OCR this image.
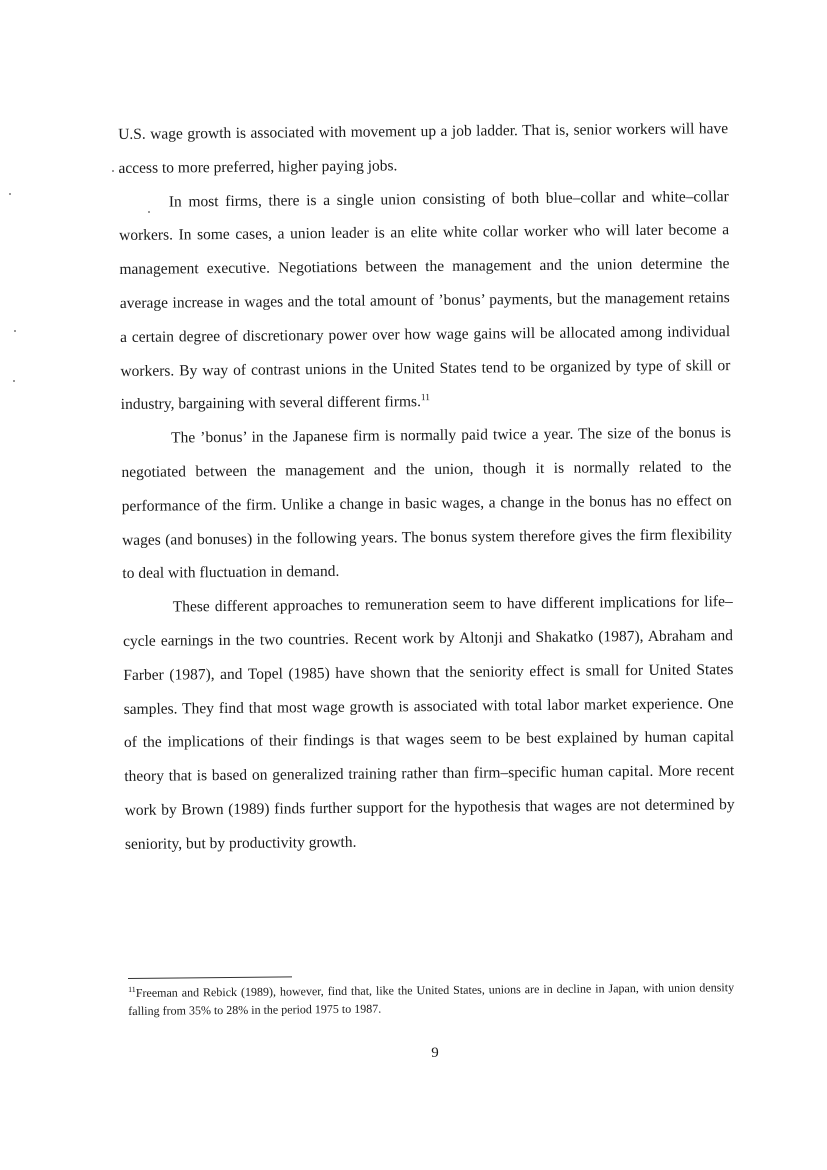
U.S. wage growth is associated with movement up a job ladder. That is, senior workers will have access to more preferred, higher paying jobs.

In most firms, there is a single union consisting of both blue–collar and white–collar workers. In some cases, a union leader is an elite white collar worker who will later become a management executive. Negotiations between the management and the union determine the average increase in wages and the total amount of ’bonus’ payments, but the management retains a certain degree of discretionary power over how wage gains will be allocated among individual workers. By way of contrast unions in the United States tend to be organized by type of skill or industry, bargaining with several different firms.$^{11}$

The ’bonus’ in the Japanese firm is normally paid twice a year. The size of the bonus is negotiated between the management and the union, though it is normally related to the performance of the firm. Unlike a change in basic wages, a change in the bonus has no effect on wages (and bonuses) in the following years. The bonus system therefore gives the firm flexibility to deal with fluctuation in demand.

These different approaches to remuneration seem to have different implications for life–cycle earnings in the two countries. Recent work by Altonji and Shakatko (1987), Abraham and Farber (1987), and Topel (1985) have shown that the seniority effect is small for United States samples. They find that most wage growth is associated with total labor market experience. One of the implications of their findings is that wages seem to be best explained by human capital theory that is based on generalized training rather than firm–specific human capital. More recent work by Brown (1989) finds further support for the hypothesis that wages are not determined by seniority, but by productivity growth.

$^{11}$Freeman and Rebick (1989), however, find that, like the United States, unions are in decline in Japan, with union density falling from 35% to 28% in the period 1975 to 1987.
9
